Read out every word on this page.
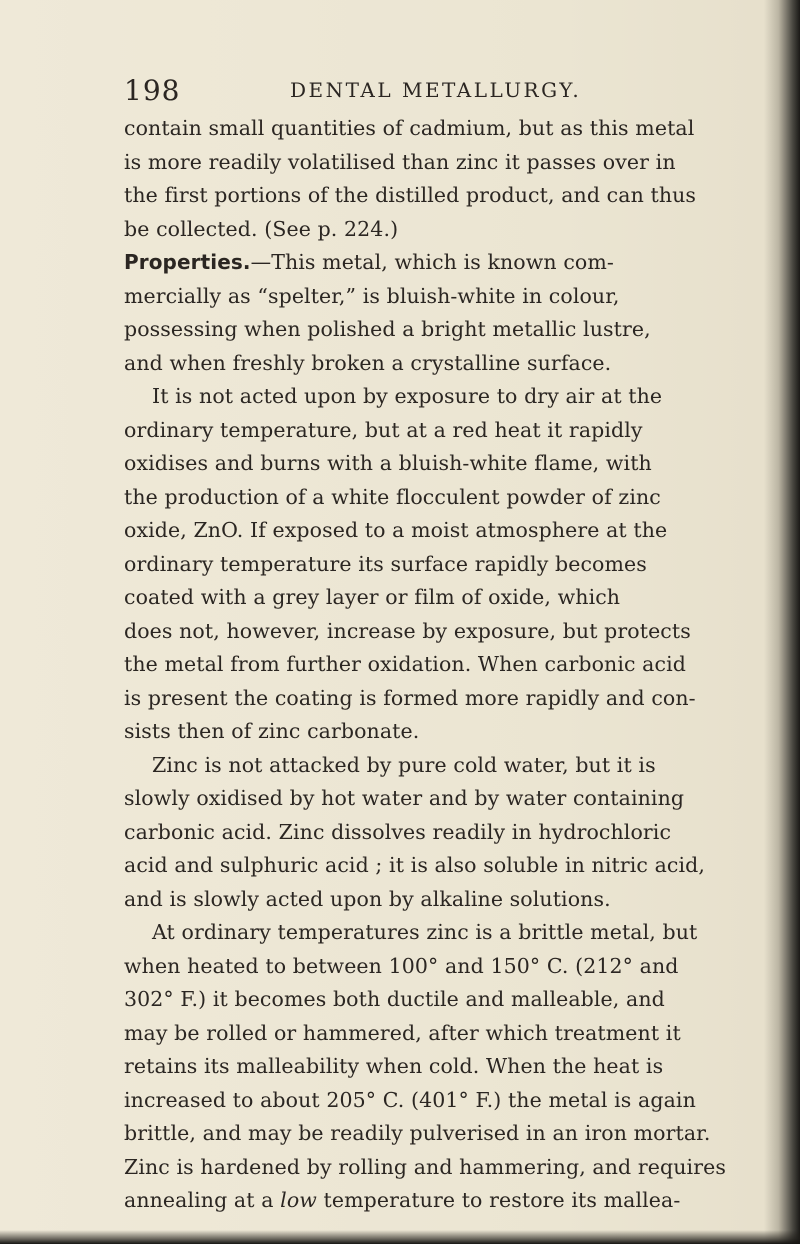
198	DENTAL METALLURGY.
contain small quantities of cadmium, but as this metal
is more readily volatilised than zinc it passes over in
the first portions of the distilled product, and can thus
be collected. (See p. 224.)
Properties.—This metal, which is known com-
mercially as “spelter,” is bluish-white in colour,
possessing when polished a bright metallic lustre,
and when freshly broken a crystalline surface.
It is not acted upon by exposure to dry air at the
ordinary temperature, but at a red heat it rapidly
oxidises and burns with a bluish-white flame, with
the production of a white flocculent powder of zinc
oxide, ZnO. If exposed to a moist atmosphere at the
ordinary temperature its surface rapidly becomes
coated with a grey layer or film of oxide, which
does not, however, increase by exposure, but protects
the metal from further oxidation. When carbonic acid
is present the coating is formed more rapidly and con-
sists then of zinc carbonate.
Zinc is not attacked by pure cold water, but it is
slowly oxidised by hot water and by water containing
carbonic acid. Zinc dissolves readily in hydrochloric
acid and sulphuric acid ; it is also soluble in nitric acid,
and is slowly acted upon by alkaline solutions.
At ordinary temperatures zinc is a brittle metal, but
when heated to between 100° and 150° C. (212° and
302° F.) it becomes both ductile and malleable, and
may be rolled or hammered, after which treatment it
retains its malleability when cold. When the heat is
increased to about 205° C. (401° F.) the metal is again
brittle, and may be readily pulverised in an iron mortar.
Zinc is hardened by rolling and hammering, and requires
annealing at a low temperature to restore its mallea-
